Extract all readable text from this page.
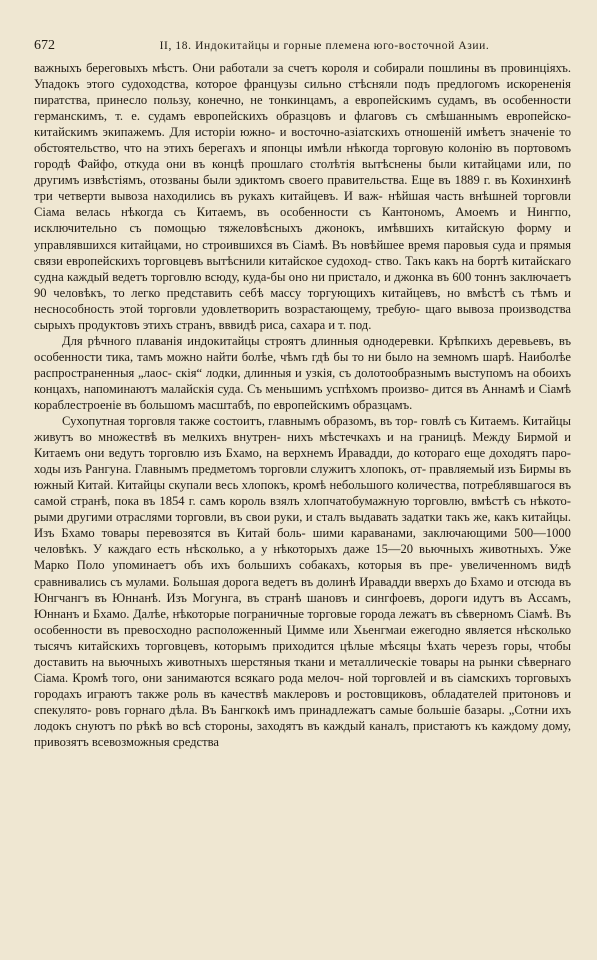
672	II, 18. Индокитайцы и горные племена юго-восточной Азии.

важныхъ береговыхъ мѣстъ. Они работали за счетъ короля и собирали пошлины въ провинціяхъ. Упадокъ этого судоходства, которое французы сильно стѣсняли подъ предлогомъ искорененія пиратства, принесло пользу, конечно, не тонкинцамъ, а европейскимъ судамъ, въ особенности германскимъ, т. е. судамъ европейскихъ образцовъ и флаговъ съ смѣшаннымъ европейско- китайскимъ экипажемъ. Для исторіи южно- и восточно-азіатскихъ отношеній имѣетъ значеніе то обстоятельство, что на этихъ берегахъ и японцы имѣли нѣкогда торговую колонію въ портовомъ городѣ Файфо, откуда они въ концѣ прошлаго столѣтія вытѣснены были китайцами или, по другимъ извѣстіямъ, отозваны были эдиктомъ своего правительства. Еще въ 1889 г. въ Кохинхинѣ три четверти вывоза находились въ рукахъ китайцевъ. И важ- нѣйшая часть внѣшней торговли Сіама велась нѣкогда съ Китаемъ, въ особенности съ Кантономъ, Амоемъ и Нингпо, исключительно съ помощью тяжеловѣсныхъ джонокъ, имѣвшихъ китайскую форму и управлявшихся китайцами, но строившихся въ Сіамѣ. Въ новѣйшее время паровыя суда и прямыя связи европейскихъ торговцевъ вытѣснили китайское судоход- ство. Такъ какъ на бортѣ китайскаго судна каждый ведетъ торговлю всюду, куда-бы оно ни пристало, и джонка въ 600 тоннъ заключаетъ 90 человѣкъ, то легко представить себѣ массу торгующихъ китайцевъ, но вмѣстѣ съ тѣмъ и неснособность этой торговли удовлетворить возрастающему, требую- щаго вывоза производства сырыхъ продуктовъ этихъ странъ, вввидѣ риса, сахара и т. под.

Для рѣчного плаванія индокитайцы строятъ длинныя однодеревки. Крѣпкихъ деревьевъ, въ особенности тика, тамъ можно найти болѣе, чѣмъ гдѣ бы то ни было на земномъ шарѣ. Наиболѣе распространенныя „лаос- скія“ лодки, длинныя и узкія, съ долотообразнымъ выступомъ на обоихъ концахъ, напоминаютъ малайскія суда. Съ меньшимъ успѣхомъ произво- дится въ Аннамѣ и Сіамѣ кораблестроеніе въ большомъ масштабѣ, по европейскимъ образцамъ.

Сухопутная торговля также состоитъ, главнымъ образомъ, въ тор- говлѣ съ Китаемъ. Китайцы живутъ во множествѣ въ мелкихъ внутрен- нихъ мѣстечкахъ и на границѣ. Между Бирмой и Китаемъ они ведутъ торговлю изъ Бхамо, на верхнемъ Иравадди, до котораго еще доходятъ паро- ходы изъ Рангуна. Главнымъ предметомъ торговли служитъ хлопокъ, от- правляемый изъ Бирмы въ южный Китай. Китайцы скупали весь хлопокъ, кромѣ небольшого количества, потреблявшагося въ самой странѣ, пока въ 1854 г. самъ король взялъ хлопчатобумажную торговлю, вмѣстѣ съ нѣкото- рыми другими отраслями торговли, въ свои руки, и сталъ выдавать задатки такъ же, какъ китайцы. Изъ Бхамо товары перевозятся въ Китай боль- шими караванами, заключающими 500—1000 человѣкъ. У каждаго есть нѣсколько, а у нѣкоторыхъ даже 15—20 вьючныхъ животныхъ. Уже Марко Поло упоминаетъ объ ихъ большихъ собакахъ, которыя въ пре- увеличенномъ видѣ сравнивались съ мулами. Большая дорога ведетъ въ долинѣ Иравадди вверхъ до Бхамо и отсюда въ Юнгчангъ въ Юннанѣ. Изъ Могунга, въ странѣ шановъ и сингфоевъ, дороги идутъ въ Ассамъ, Юннанъ и Бхамо. Далѣе, нѣкоторые пограничные торговые города лежатъ въ сѣверномъ Сіамѣ. Въ особенности въ превосходно расположенный Цимме или Хьенгмаи ежегодно является нѣсколько тысячъ китайскихъ торговцевъ, которымъ приходится цѣлые мѣсяцы ѣхать черезъ горы, чтобы доставить на вьючныхъ животныхъ шерстяныя ткани и металлическіе товары на рынки сѣвернаго Сіама. Кромѣ того, они занимаются всякаго рода мелоч- ной торговлей и въ сіамскихъ торговыхъ городахъ играютъ также роль въ качествѣ маклеровъ и ростовщиковъ, обладателей притоновъ и спекулято- ровъ горнаго дѣла. Въ Бангкокѣ имъ принадлежатъ самые большіе базары. „Сотни ихъ лодокъ снуютъ по рѣкѣ во всѣ стороны, заходятъ въ каждый каналъ, пристаютъ къ каждому дому, привозятъ всевозможныя средства
